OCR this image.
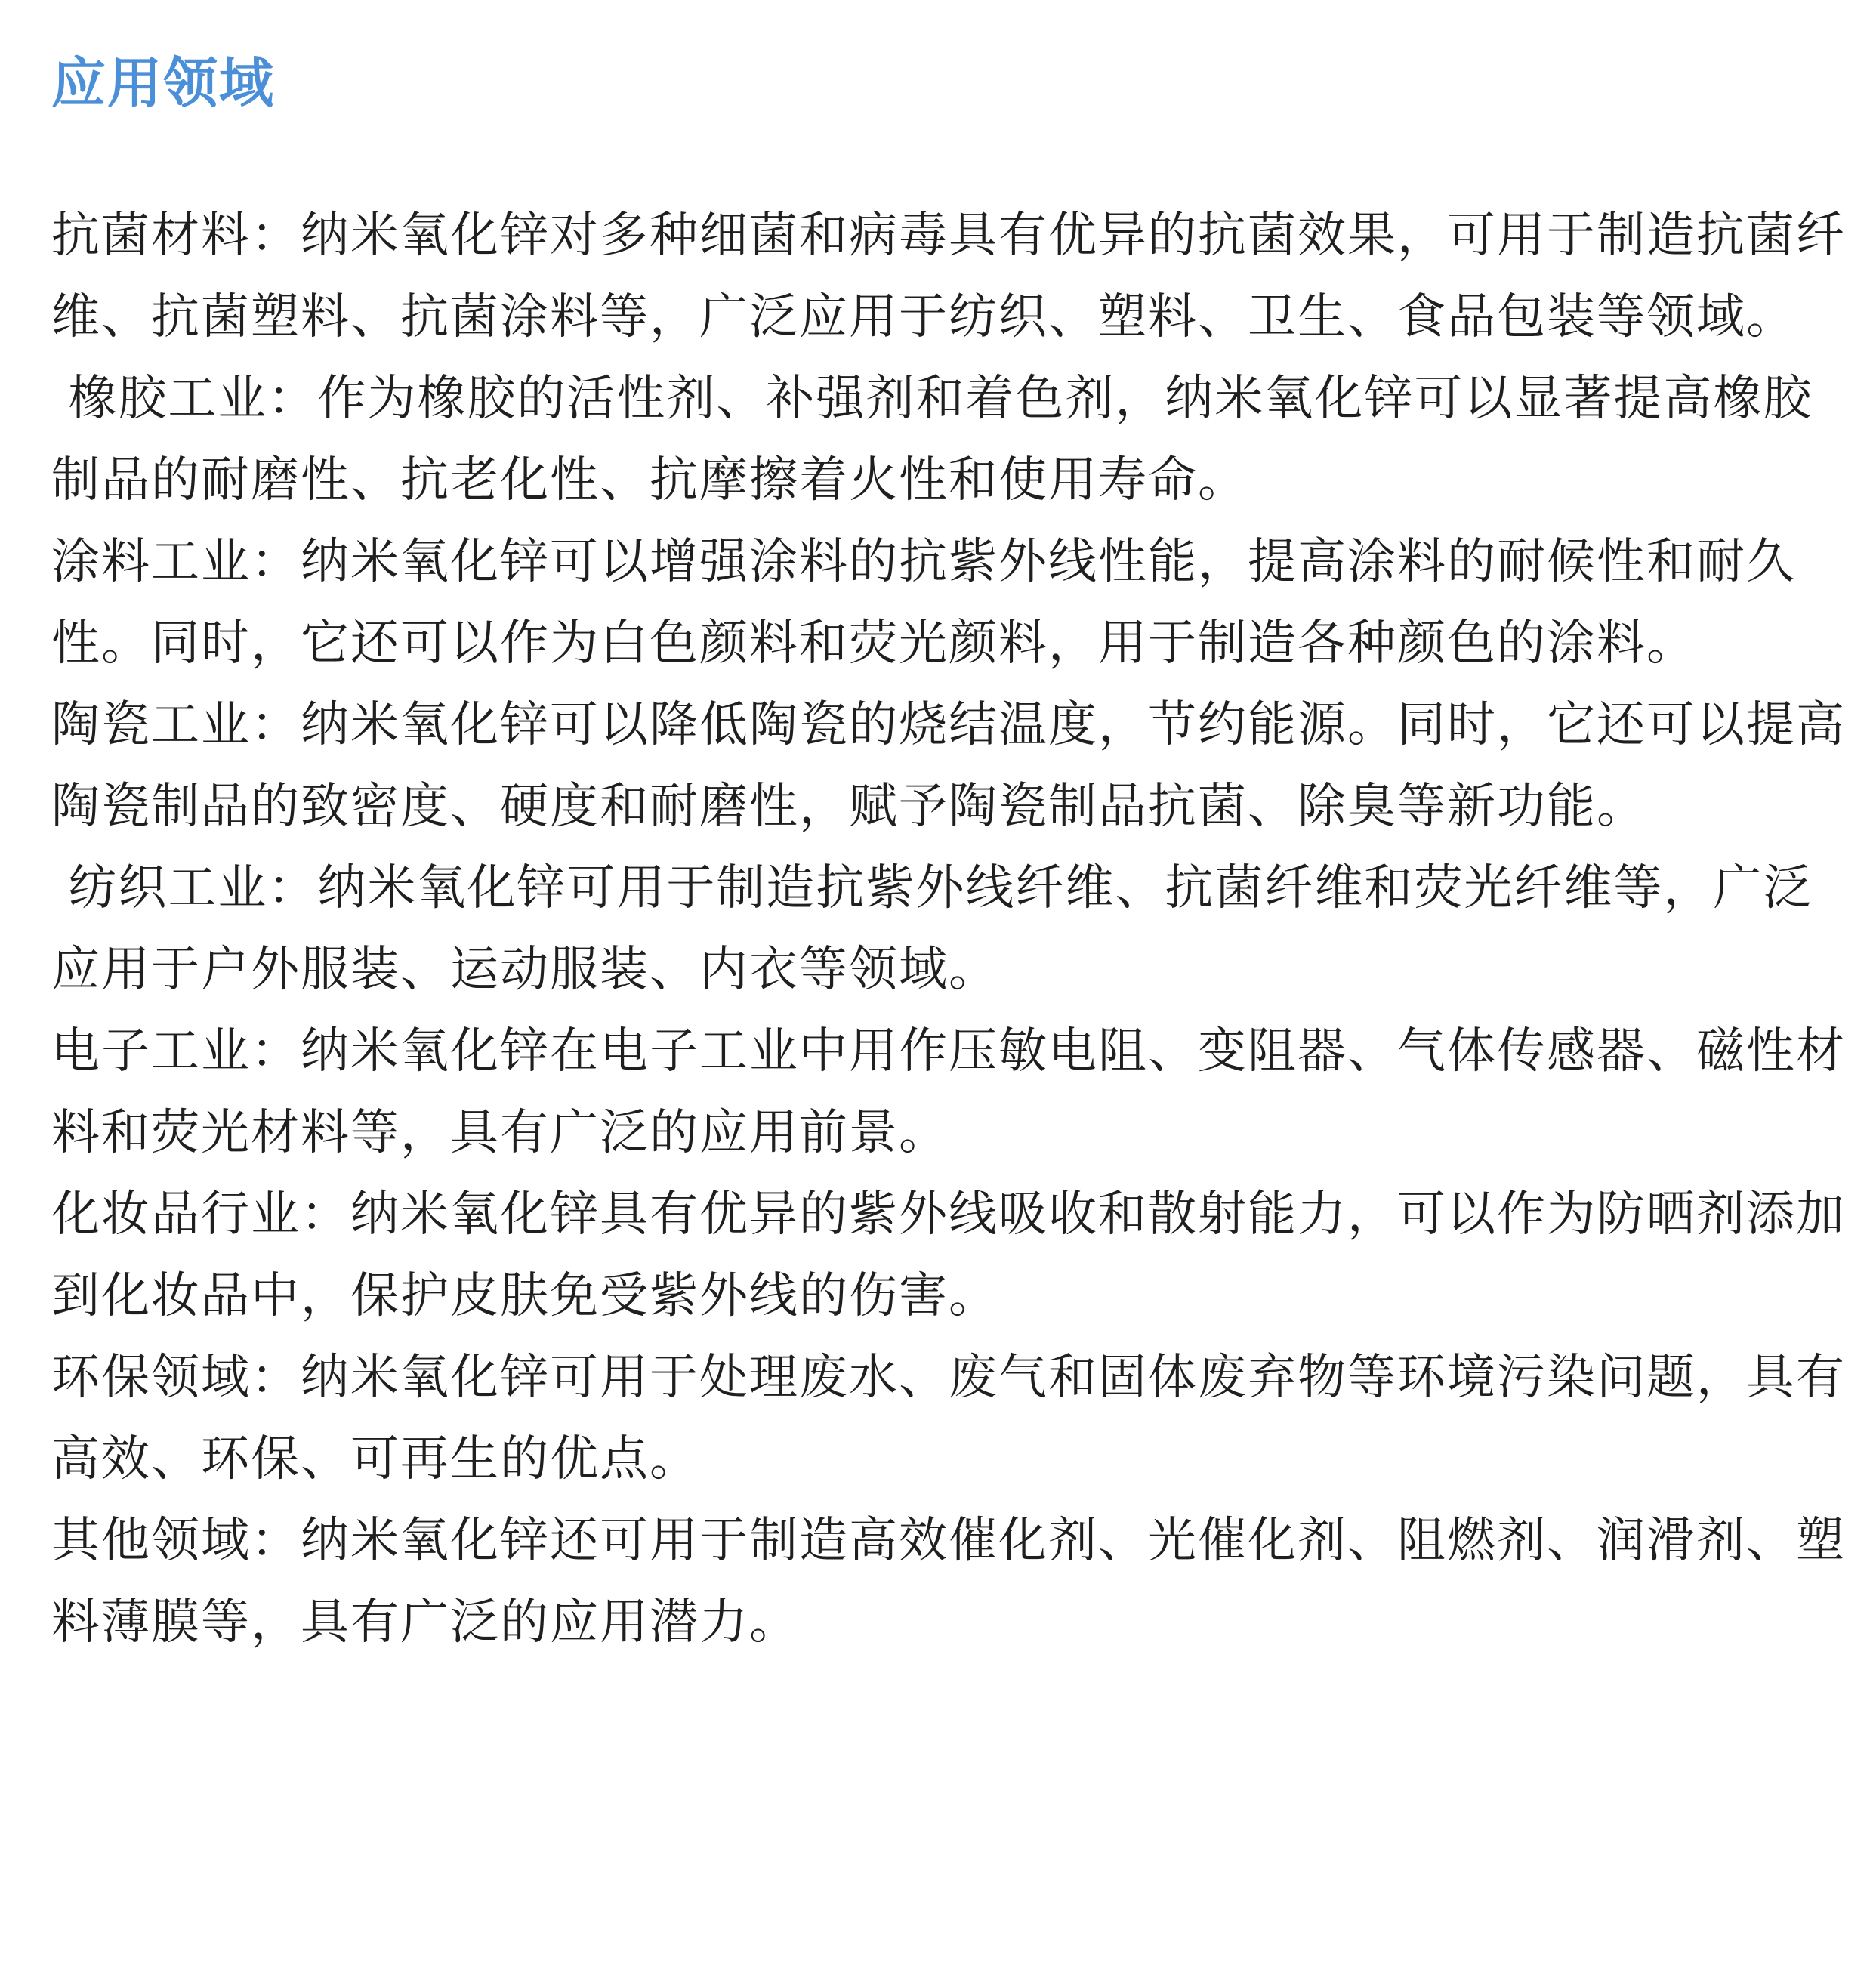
应用领域

抗菌材料：纳米氧化锌对多种细菌和病毒具有优异的抗菌效果，可用于制造抗菌纤维、抗菌塑料、抗菌涂料等，广泛应用于纺织、塑料、卫生、食品包装等领域。

橡胶工业：作为橡胶的活性剂、补强剂和着色剂，纳米氧化锌可以显著提高橡胶制品的耐磨性、抗老化性、抗摩擦着火性和使用寿命。

涂料工业：纳米氧化锌可以增强涂料的抗紫外线性能，提高涂料的耐候性和耐久性。同时，它还可以作为白色颜料和荧光颜料，用于制造各种颜色的涂料。

陶瓷工业：纳米氧化锌可以降低陶瓷的烧结温度，节约能源。同时，它还可以提高陶瓷制品的致密度、硬度和耐磨性，赋予陶瓷制品抗菌、除臭等新功能。

纺织工业：纳米氧化锌可用于制造抗紫外线纤维、抗菌纤维和荧光纤维等，广泛应用于户外服装、运动服装、内衣等领域。

电子工业：纳米氧化锌在电子工业中用作压敏电阻、变阻器、气体传感器、磁性材料和荧光材料等，具有广泛的应用前景。

化妆品行业：纳米氧化锌具有优异的紫外线吸收和散射能力，可以作为防晒剂添加到化妆品中，保护皮肤免受紫外线的伤害。

环保领域：纳米氧化锌可用于处理废水、废气和固体废弃物等环境污染问题，具有高效、环保、可再生的优点。

其他领域：纳米氧化锌还可用于制造高效催化剂、光催化剂、阻燃剂、润滑剂、塑料薄膜等，具有广泛的应用潜力。
